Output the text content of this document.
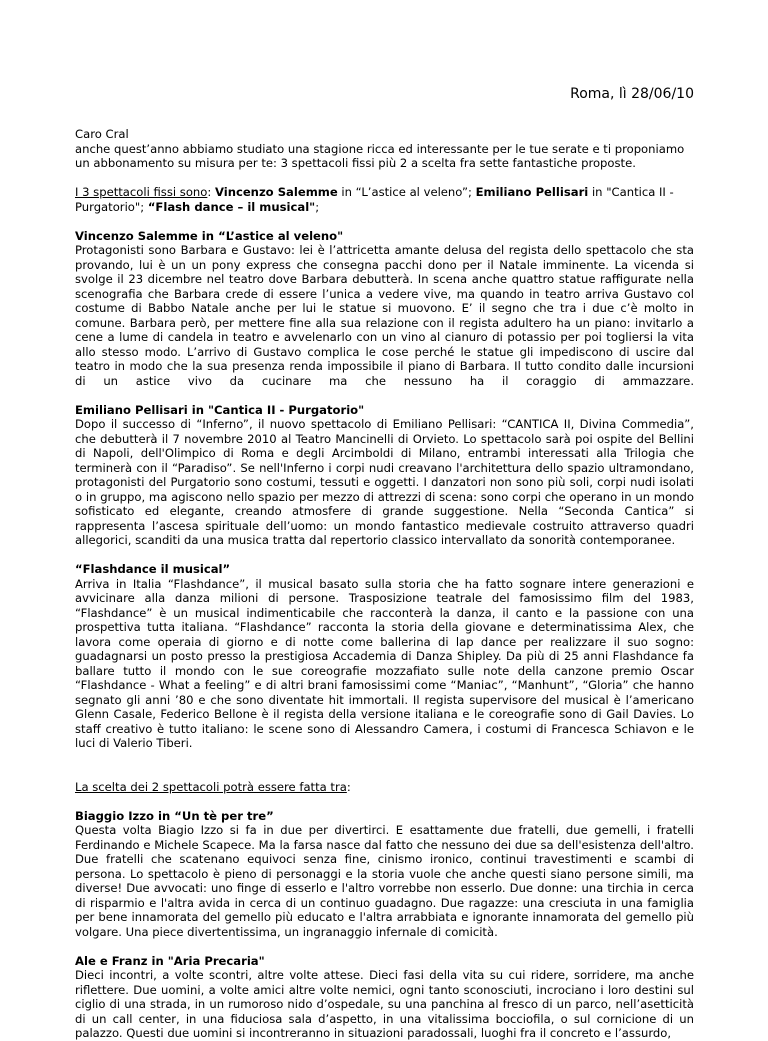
Roma, lì 28/06/10

Caro Cral

anche quest’anno abbiamo studiato una stagione ricca ed interessante per le tue serate e ti proponiamo un abbonamento su misura per te: 3 spettacoli fissi più 2 a scelta fra sette fantastiche proposte.

I 3 spettacoli fissi sono: Vincenzo Salemme in “L’astice al veleno”; Emiliano Pellisari in "Cantica II - Purgatorio"; “Flash dance – il musical";

Vincenzo Salemme in “L’astice al veleno"

Protagonisti sono Barbara e Gustavo: lei è l’attricetta amante delusa del regista dello spettacolo che sta provando, lui è un un pony express che consegna pacchi dono per il Natale imminente. La vicenda si svolge il 23 dicembre nel teatro dove Barbara debutterà. In scena anche quattro statue raffigurate nella scenografia che Barbara crede di essere l’unica a vedere vive, ma quando in teatro arriva Gustavo col costume di Babbo Natale anche per lui le statue si muovono. E’ il segno che tra i due c’è molto in comune. Barbara però, per mettere fine alla sua relazione con il regista adultero ha un piano: invitarlo a cene a lume di candela in teatro e avvelenarlo con un vino al cianuro di potassio per poi togliersi la vita allo stesso modo. L’arrivo di Gustavo complica le cose perché le statue gli impediscono di uscire dal teatro in modo che la sua presenza renda impossibile il piano di Barbara. Il tutto condito dalle incursioni di un astice vivo da cucinare ma che nessuno ha il coraggio di ammazzare.

Emiliano Pellisari in "Cantica II - Purgatorio"

Dopo il successo di “Inferno”, il nuovo spettacolo di Emiliano Pellisari: “CANTICA II, Divina Commedia”, che debutterà il 7 novembre 2010 al Teatro Mancinelli di Orvieto. Lo spettacolo sarà poi ospite del Bellini di Napoli, dell'Olimpico di Roma e degli Arcimboldi di Milano, entrambi interessati alla Trilogia che terminerà con il “Paradiso”. Se nell'Inferno i corpi nudi creavano l'architettura dello spazio ultramondano, protagonisti del Purgatorio sono costumi, tessuti e oggetti. I danzatori non sono più soli, corpi nudi isolati o in gruppo, ma agiscono nello spazio per mezzo di attrezzi di scena: sono corpi che operano in un mondo sofisticato ed elegante, creando atmosfere di grande suggestione. Nella “Seconda Cantica” si rappresenta l’ascesa spirituale dell’uomo: un mondo fantastico medievale costruito attraverso quadri allegorici, scanditi da una musica tratta dal repertorio classico intervallato da sonorità contemporanee.

“Flashdance il musical”

Arriva in Italia “Flashdance”, il musical basato sulla storia che ha fatto sognare intere generazioni e avvicinare alla danza milioni di persone. Trasposizione teatrale del famosissimo film del 1983, “Flashdance” è un musical indimenticabile che racconterà la danza, il canto e la passione con una prospettiva tutta italiana. “Flashdance” racconta la storia della giovane e determinatissima Alex, che lavora come operaia di giorno e di notte come ballerina di lap dance per realizzare il suo sogno: guadagnarsi un posto presso la prestigiosa Accademia di Danza Shipley. Da più di 25 anni Flashdance fa ballare tutto il mondo con le sue coreografie mozzafiato sulle note della canzone premio Oscar “Flashdance - What a feeling” e di altri brani famosissimi come “Maniac”, “Manhunt”, “Gloria” che hanno segnato gli anni ’80 e che sono diventate hit immortali. Il regista supervisore del musical è l’americano Glenn Casale, Federico Bellone è il regista della versione italiana e le coreografie sono di Gail Davies. Lo staff creativo è tutto italiano: le scene sono di Alessandro Camera, i costumi di Francesca Schiavon e le luci di Valerio Tiberi.

La scelta dei 2 spettacoli potrà essere fatta tra:

Biaggio Izzo in “Un tè per tre”

Questa volta Biagio Izzo si fa in due per divertirci. E esattamente due fratelli, due gemelli, i fratelli Ferdinando e Michele Scapece. Ma la farsa nasce dal fatto che nessuno dei due sa dell'esistenza dell'altro. Due fratelli che scatenano equivoci senza fine, cinismo ironico, continui travestimenti e scambi di persona. Lo spettacolo è pieno di personaggi e la storia vuole che anche questi siano persone simili, ma diverse! Due avvocati: uno finge di esserlo e l'altro vorrebbe non esserlo. Due donne: una tirchia in cerca di risparmio e l'altra avida in cerca di un continuo guadagno. Due ragazze: una cresciuta in una famiglia per bene innamorata del gemello più educato e l'altra arrabbiata e ignorante innamorata del gemello più volgare. Una piece divertentissima, un ingranaggio infernale di comicità.

Ale e Franz in "Aria Precaria"

Dieci incontri, a volte scontri, altre volte attese. Dieci fasi della vita su cui ridere, sorridere, ma anche riflettere. Due uomini, a volte amici altre volte nemici, ogni tanto sconosciuti, incrociano i loro destini sul ciglio di una strada, in un rumoroso nido d’ospedale, su una panchina al fresco di un parco, nell’asetticità di un call center, in una fiduciosa sala d’aspetto, in una vitalissima bocciofila, o sul cornicione di un palazzo. Questi due uomini si incontreranno in situazioni paradossali, luoghi fra il concreto e l’assurdo,
